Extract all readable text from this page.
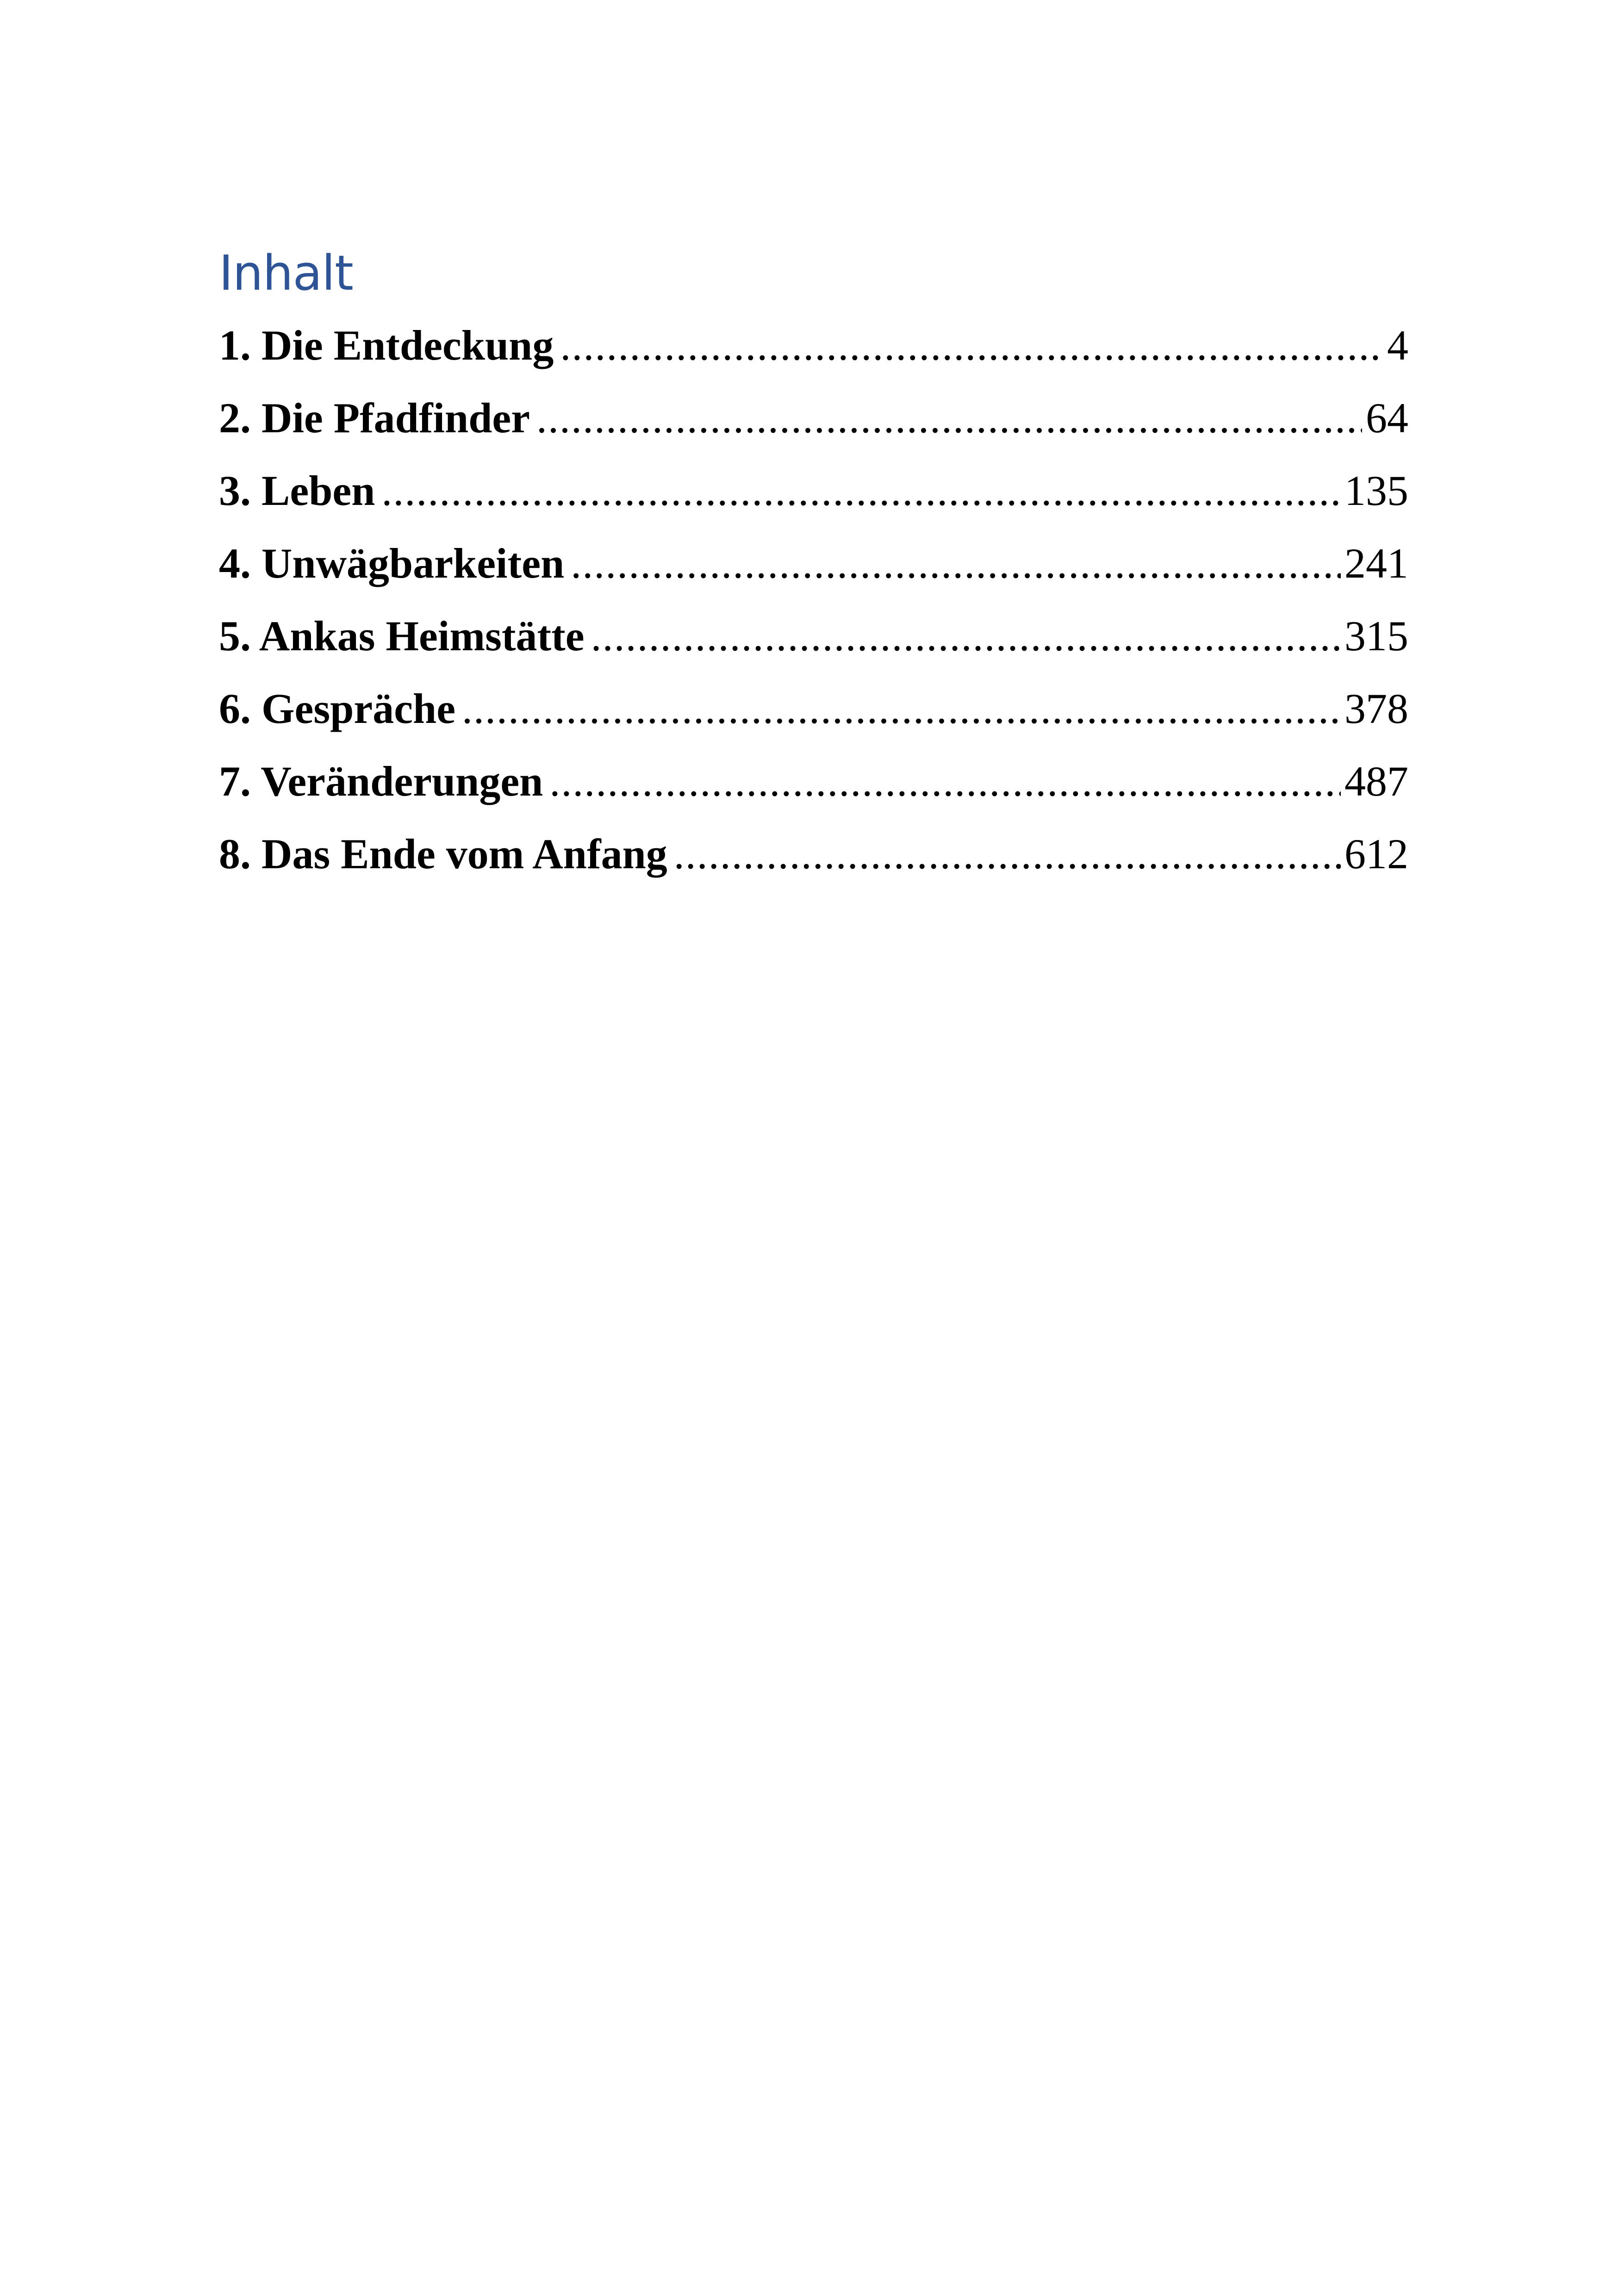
Inhalt
1. Die Entdeckung .....	4
2. Die Pfadfinder .....	64
3. Leben .....	135
4. Unwägbarkeiten .....	241
5. Ankas Heimstätte .....	315
6. Gespräche .....	378
7. Veränderungen .....	487
8. Das Ende vom Anfang .....	612
